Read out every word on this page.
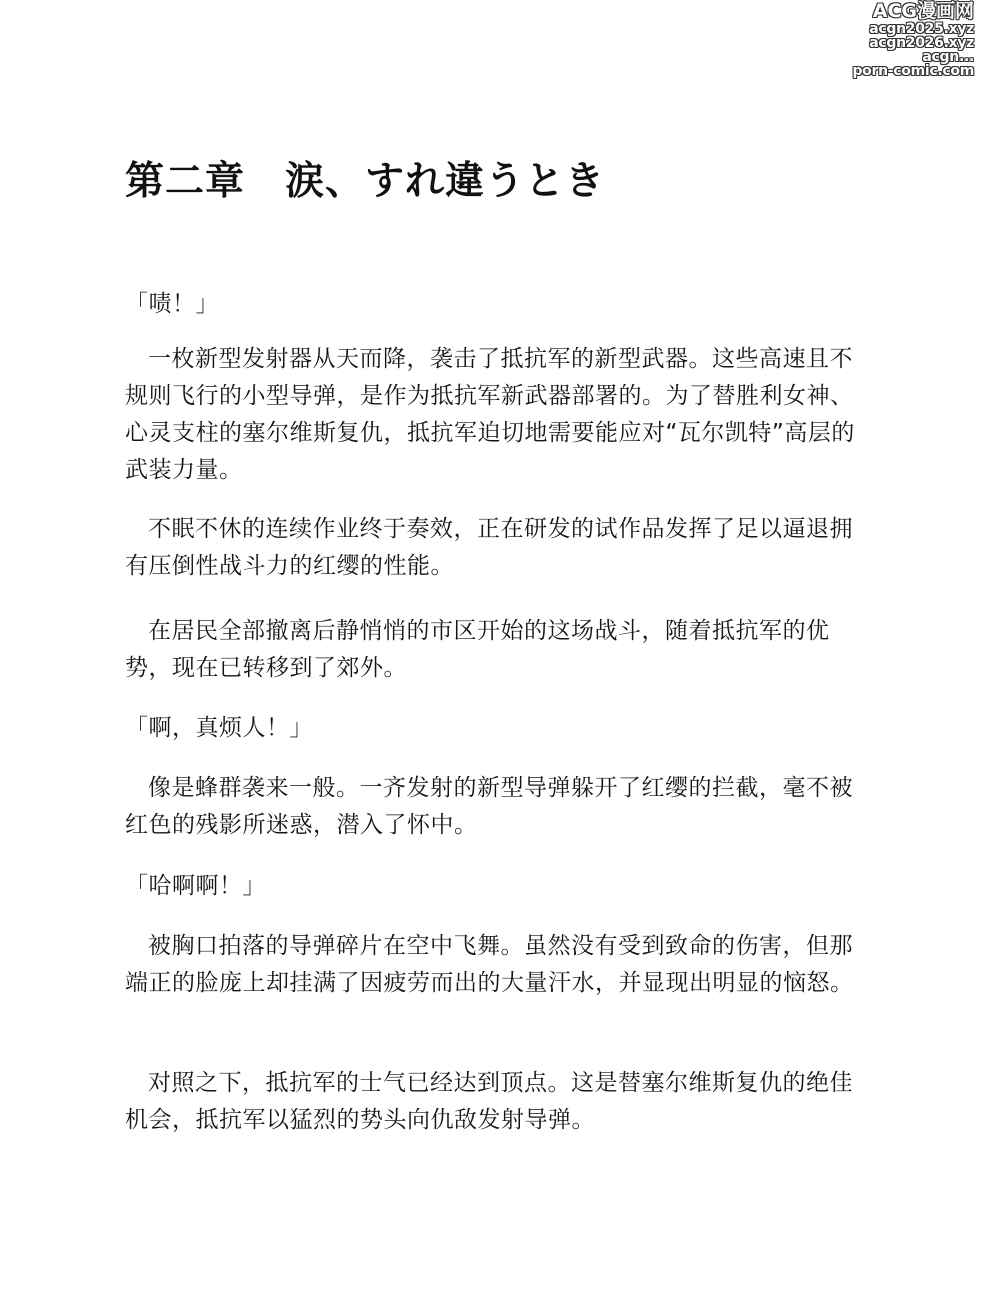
ACG漫画网
acgn2025.xyz
acgn2026.xyz
acgn...
porn-comic.com
第二章　涙、すれ違うとき

「啧！」

一枚新型发射器从天而降，袭击了抵抗军的新型武器。这些高速且不规则飞行的小型导弹，是作为抵抗军新武器部署的。为了替胜利女神、心灵支柱的塞尔维斯复仇，抵抗军迫切地需要能应对“瓦尔凯特”高层的武装力量。

不眠不休的连续作业终于奏效，正在研发的试作品发挥了足以逼退拥有压倒性战斗力的红缨的性能。

在居民全部撤离后静悄悄的市区开始的这场战斗，随着抵抗军的优势，现在已转移到了郊外。

「啊，真烦人！」

像是蜂群袭来一般。一齐发射的新型导弹躲开了红缨的拦截，毫不被红色的残影所迷惑，潜入了怀中。

「哈啊啊！」

被胸口拍落的导弹碎片在空中飞舞。虽然没有受到致命的伤害，但那端正的脸庞上却挂满了因疲劳而出的大量汗水，并显现出明显的恼怒。

对照之下，抵抗军的士气已经达到顶点。这是替塞尔维斯复仇的绝佳机会，抵抗军以猛烈的势头向仇敌发射导弹。
